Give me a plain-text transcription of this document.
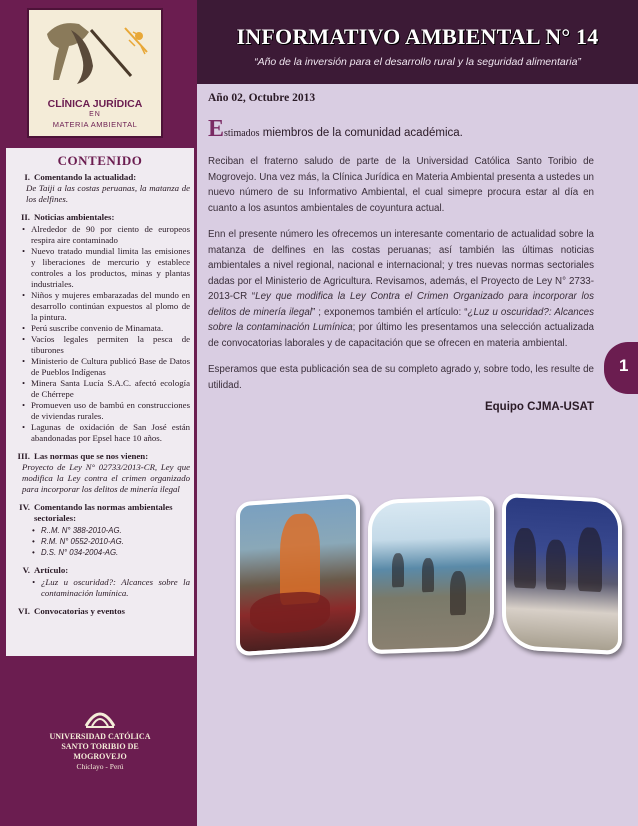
CLÍNICA JURÍDICA
EN
MATERIA AMBIENTAL
CONTENIDO
I. Comentando la actualidad:
De Taiji a las costas peruanas, la matanza de los delfines.
II. Noticias ambientales:
• Alrededor de 90 por ciento de europeos respira aire contaminado
• Nuevo tratado mundial limita las emisiones y liberaciones de mercurio y establece controles a los productos, minas y plantas industriales.
• Niños y mujeres embarazadas del mundo en desarrollo continúan expuestos al plomo de la pintura.
• Perú suscribe convenio de Minamata.
• Vacíos legales permiten la pesca de tiburones
• Ministerio de Cultura publicó Base de Datos de Pueblos Indígenas
• Minera Santa Lucía S.A.C. afectó ecología de Chérrepe
• Promueven uso de bambú en construcciones de viviendas rurales.
• Lagunas de oxidación de San José están abandonadas por Epsel hace 10 años.
III. Las normas que se nos vienen:
Proyecto de Ley N° 02733/2013-CR, Ley que modifica la Ley contra el crimen organizado para incorporar los delitos de minería ilegal
IV. Comentando las normas ambientales sectoriales:
• R..M. N° 388-2010-AG.
• R.M. N° 0552-2010-AG.
• D.S. N° 034-2004-AG.
V. Artículo:
• ¿Luz u oscuridad?: Alcances sobre la contaminación lumínica.
VI. Convocatorias y eventos
UNIVERSIDAD CATÓLICA
SANTO TORIBIO DE MOGROVEJO
Chiclayo - Perú
INFORMATIVO AMBIENTAL N° 14
“Año de la inversión para el desarrollo rural y la seguridad alimentaria”
Año 02, Octubre 2013
Estimados miembros de la comunidad académica.
Reciban el fraterno saludo de parte de la Universidad Católica Santo Toribio de Mogrovejo. Una vez más, la Clínica Jurídica en Materia Ambiental presenta a ustedes un nuevo número de su Informativo Ambiental, el cual simepre procura estar al día en cuanto a los asuntos ambientales de coyuntura actual.
Enn el presente número les ofrecemos un interesante comentario de actualidad sobre la matanza de delfines en las costas peruanas; así también las últimas noticias ambientales a nivel regional, nacional e internacional; y tres nuevas normas sectoriales dadas por el Ministerio de Agricultura. Revisamos, además, el Proyecto de Ley N° 2733-2013-CR “Ley que modifica la Ley Contra el Crimen Organizado para incorporar los delitos de minería ilegal” ; exponemos también el artículo: “¿Luz u oscuridad?: Alcances sobre la contaminación Lumínica; por último les presentamos una selección actualizada de convocatorias laborales y de capacitación que se ofrecen en materia ambiental.
Esperamos que esta publicación sea de su completo agrado y, sobre todo, les resulte de utilidad.
Equipo CJMA-USAT
1
